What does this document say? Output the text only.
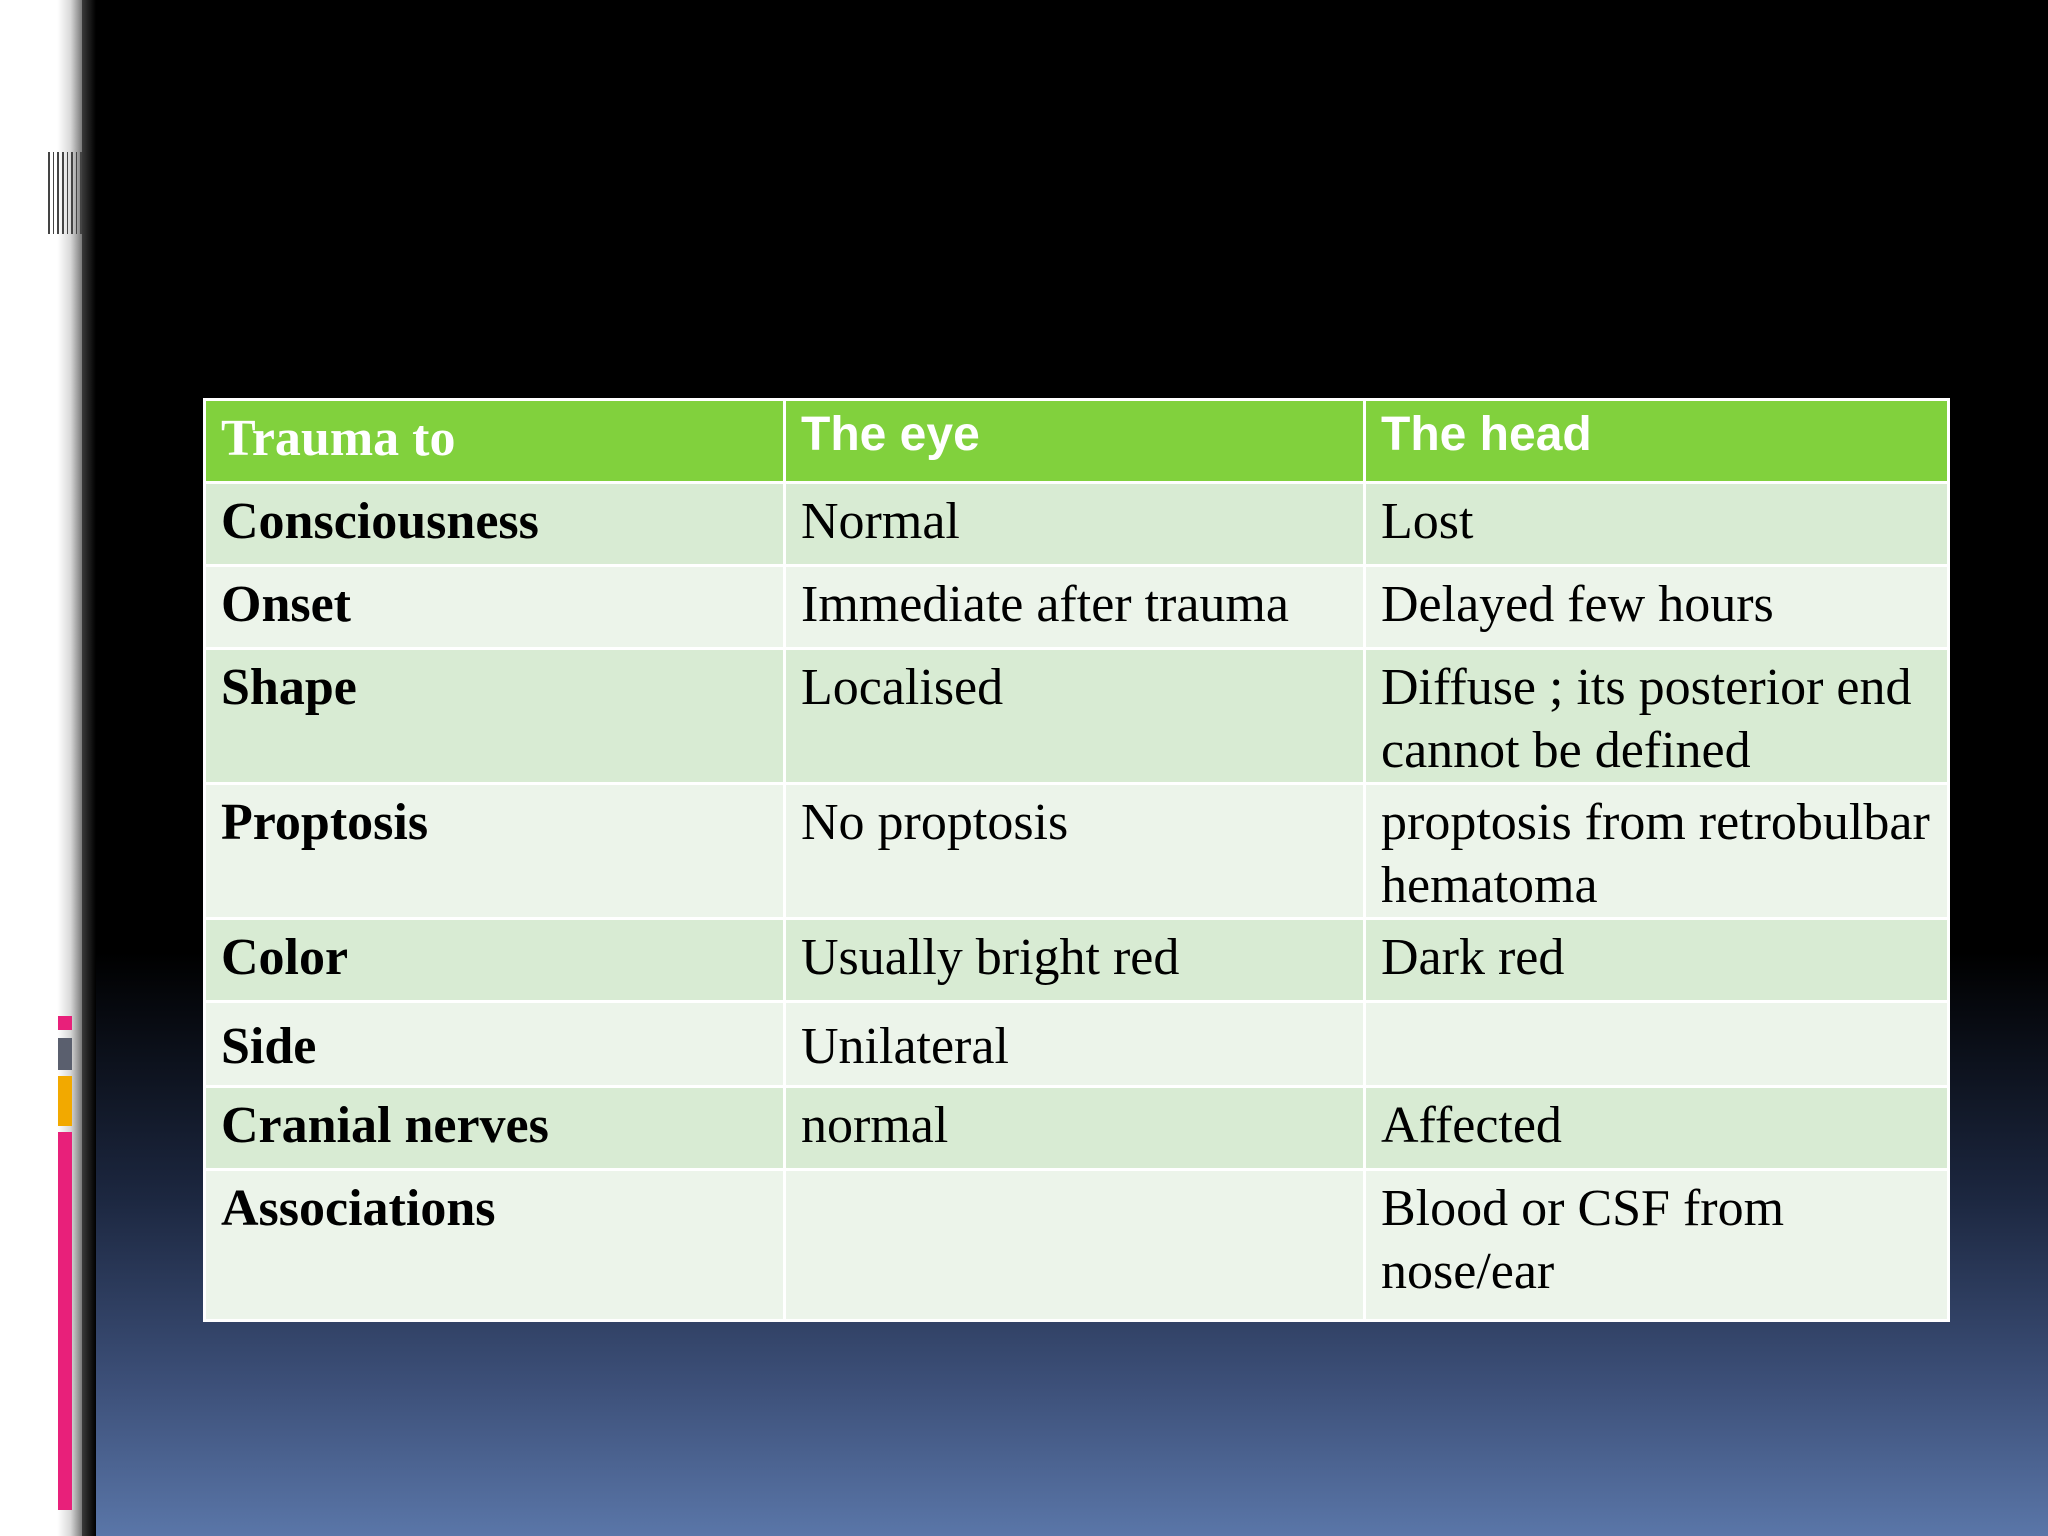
Trauma to	The eye	The head
Consciousness	Normal	Lost
Onset	Immediate after trauma	Delayed few hours
Shape	Localised	Diffuse ; its posterior end cannot be defined
Proptosis	No proptosis	proptosis from retrobulbar hematoma
Color	Usually bright red	Dark red
Side	Unilateral	
Cranial nerves	normal	Affected
Associations		Blood or CSF from nose/ear
